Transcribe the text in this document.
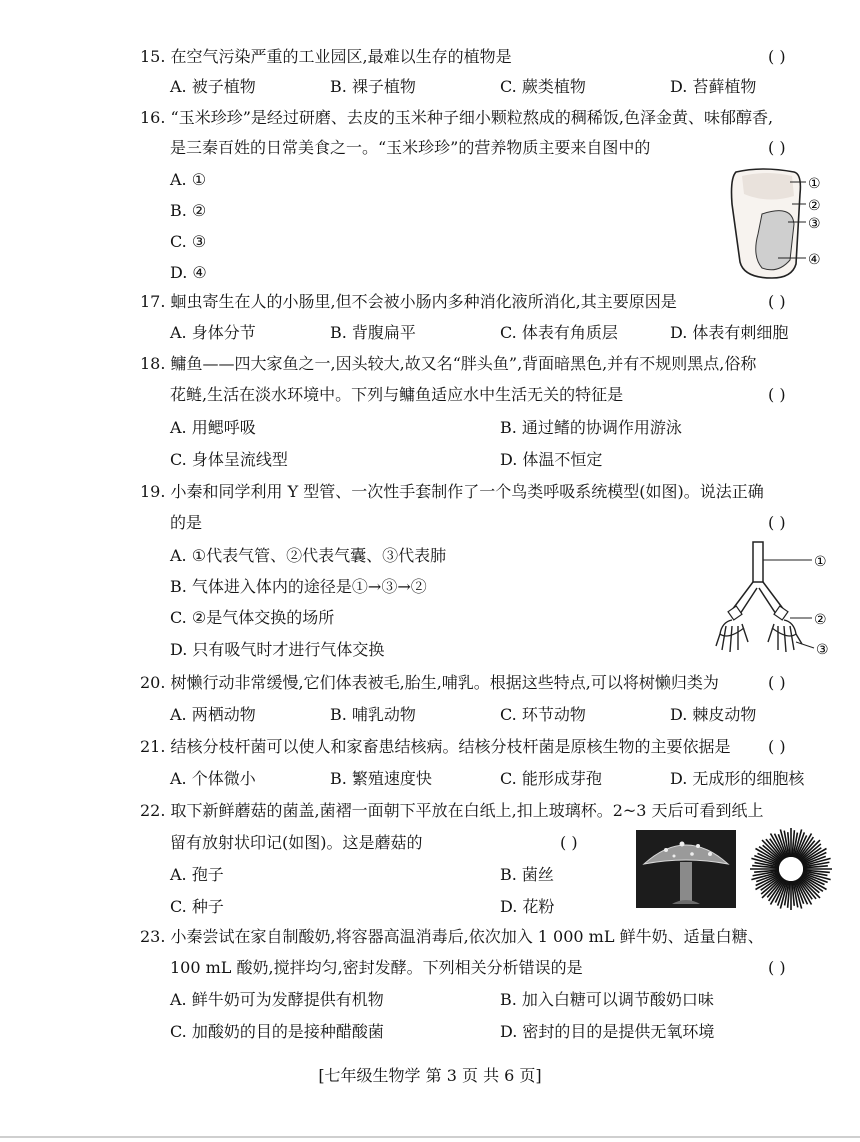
15. 在空气污染严重的工业园区,最难以生存的植物是	( )
A. 被子植物	B. 裸子植物	C. 蕨类植物	D. 苔藓植物
16. “玉米珍珍”是经过研磨、去皮的玉米种子细小颗粒熬成的稠稀饭,色泽金黄、味郁醇香,
是三秦百姓的日常美食之一。“玉米珍珍”的营养物质主要来自图中的	( )
A. ①
B. ②
C. ③
D. ④
①
②
③
④
17. 蛔虫寄生在人的小肠里,但不会被小肠内多种消化液所消化,其主要原因是	( )
A. 身体分节	B. 背腹扁平	C. 体表有角质层	D. 体表有刺细胞
18. 鳙鱼——四大家鱼之一,因头较大,故又名“胖头鱼”,背面暗黑色,并有不规则黑点,俗称
花鲢,生活在淡水环境中。下列与鳙鱼适应水中生活无关的特征是	( )
A. 用鳃呼吸	B. 通过鳍的协调作用游泳
C. 身体呈流线型	D. 体温不恒定
19. 小秦和同学利用 Y 型管、一次性手套制作了一个鸟类呼吸系统模型(如图)。说法正确
的是	( )
A. ①代表气管、②代表气囊、③代表肺
B. 气体进入体内的途径是①→③→②
C. ②是气体交换的场所
D. 只有吸气时才进行气体交换
①
②
③
20. 树懒行动非常缓慢,它们体表被毛,胎生,哺乳。根据这些特点,可以将树懒归类为	( )
A. 两栖动物	B. 哺乳动物	C. 环节动物	D. 棘皮动物
21. 结核分枝杆菌可以使人和家畜患结核病。结核分枝杆菌是原核生物的主要依据是 ( )
A. 个体微小	B. 繁殖速度快	C. 能形成芽孢	D. 无成形的细胞核
22. 取下新鲜蘑菇的菌盖,菌褶一面朝下平放在白纸上,扣上玻璃杯。2~3 天后可看到纸上
留有放射状印记(如图)。这是蘑菇的	( )
A. 孢子	B. 菌丝
C. 种子	D. 花粉
23. 小秦尝试在家自制酸奶,将容器高温消毒后,依次加入 1 000 mL 鲜牛奶、适量白糖、
100 mL 酸奶,搅拌均匀,密封发酵。下列相关分析错误的是	( )
A. 鲜牛奶可为发酵提供有机物	B. 加入白糖可以调节酸奶口味
C. 加酸奶的目的是接种醋酸菌	D. 密封的目的是提供无氧环境
[七年级生物学 第 3 页 共 6 页]
